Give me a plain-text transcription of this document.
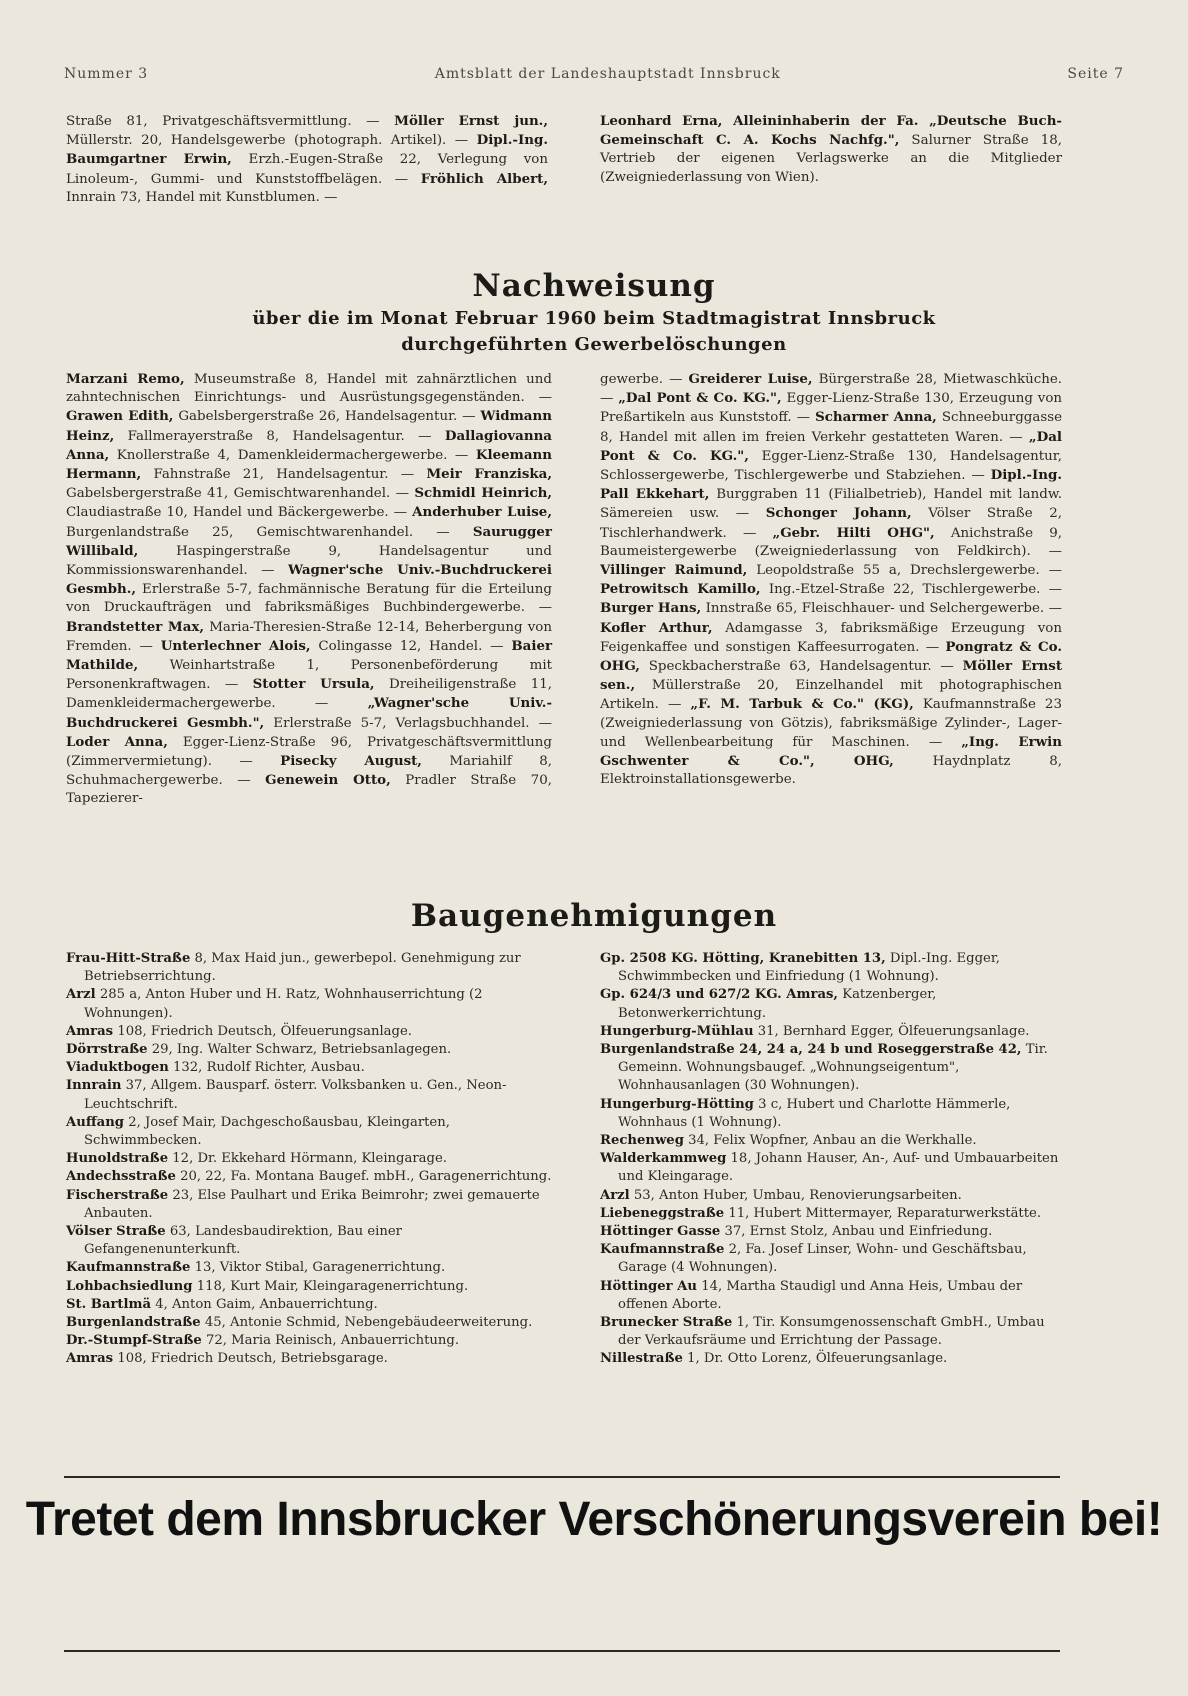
Nummer 3	Amtsblatt der Landeshauptstadt Innsbruck	Seite 7

Straße 81, Privatgeschäftsvermittlung. — Möller Ernst jun., Müllerstr. 20, Handelsgewerbe (photograph. Artikel). — Dipl.-Ing. Baumgartner Erwin, Erzh.-Eugen-Straße 22, Verlegung von Linoleum-, Gummi- und Kunststoffbelägen. — Fröhlich Albert, Innrain 73, Handel mit Kunstblumen. —

Leonhard Erna, Alleininhaberin der Fa. „Deutsche Buch-Gemeinschaft C. A. Kochs Nachfg.", Salurner Straße 18, Vertrieb der eigenen Verlagswerke an die Mitglieder (Zweigniederlassung von Wien).

Nachweisung
über die im Monat Februar 1960 beim Stadtmagistrat Innsbruck
durchgeführten Gewerbelöschungen

Marzani Remo, Museumstraße 8, Handel mit zahnärztlichen und zahntechnischen Einrichtungs- und Ausrüstungsgegenständen. — Grawen Edith, Gabelsbergerstraße 26, Handelsagentur. — Widmann Heinz, Fallmerayerstraße 8, Handelsagentur. — Dallagiovanna Anna, Knollerstraße 4, Damenkleidermachergewerbe. — Kleemann Hermann, Fahnstraße 21, Handelsagentur. — Meir Franziska, Gabelsbergerstraße 41, Gemischtwarenhandel. — Schmidl Heinrich, Claudiastraße 10, Handel und Bäckergewerbe. — Anderhuber Luise, Burgenlandstraße 25, Gemischtwarenhandel. — Saurugger Willibald,	Haspingerstraße 9, Handelsagentur und Kommissionswarenhandel. — Wagner'sche Univ.-Buchdruckerei Gesmbh., Erlerstraße 5-7, fachmännische Beratung für die Erteilung von Druckaufträgen und fabriksmäßiges Buchbindergewerbe. — Brandstetter Max, Maria-Theresien-Straße 12-14, Beherbergung von Fremden. — Unterlechner Alois, Colingasse 12, Handel. — Baier Mathilde, Weinhartstraße 1, Personenbeförderung mit Personenkraftwagen. — Stotter Ursula, Dreiheiligenstraße 11, Damenkleidermachergewerbe. —	„Wagner'sche Univ.-Buchdruckerei Gesmbh.", Erlerstraße 5-7, Verlagsbuchhandel. — Loder Anna, Egger-Lienz-Straße 96, Privatgeschäftsvermittlung (Zimmervermietung). — Pisecky August, Mariahilf 8, Schuhmachergewerbe. — Genewein Otto, Pradler Straße 70, Tapezierer-

gewerbe. — Greiderer Luise, Bürgerstraße 28, Mietwaschküche. — „Dal Pont & Co. KG.", Egger-Lienz-Straße 130, Erzeugung von Preßartikeln aus Kunststoff. — Scharmer Anna, Schneeburggasse 8, Handel mit allen im freien Verkehr gestatteten Waren. — „Dal Pont & Co. KG.", Egger-Lienz-Straße 130, Handelsagentur, Schlossergewerbe, Tischlergewerbe und Stabziehen. — Dipl.-Ing. Pall Ekkehart, Burggraben 11 (Filialbetrieb), Handel mit landw. Sämereien usw. — Schonger Johann, Völser Straße 2, Tischlerhandwerk. — „Gebr. Hilti OHG", Anichstraße 9, Baumeistergewerbe (Zweigniederlassung von Feldkirch). — Villinger Raimund, Leopoldstraße 55 a, Drechslergewerbe. — Petrowitsch Kamillo, Ing.-Etzel-Straße 22, Tischlergewerbe. — Burger Hans, Innstraße 65, Fleischhauer- und Selchergewerbe. — Kofler Arthur, Adamgasse 3, fabriksmäßige Erzeugung von Feigenkaffee und sonstigen Kaffeesurrogaten. — Pongratz & Co. OHG, Speckbacherstraße 63, Handelsagentur. — Möller Ernst sen., Müllerstraße 20, Einzelhandel mit photographischen Artikeln. — „F. M. Tarbuk & Co." (KG), Kaufmannstraße 23 (Zweigniederlassung von Götzis), fabriksmäßige Zylinder-, Lager- und Wellenbearbeitung für Maschinen. — „Ing. Erwin Gschwenter & Co.", OHG,	Haydnplatz 8, Elektroinstallationsgewerbe.

Baugenehmigungen

Frau-Hitt-Straße 8, Max Haid jun., gewerbepol. Genehmigung zur Betriebserrichtung.

Arzl 285 a, Anton Huber und H. Ratz, Wohnhauserrichtung (2 Wohnungen).

Amras 108, Friedrich Deutsch, Ölfeuerungsanlage.

Dörrstraße 29, Ing. Walter Schwarz, Betriebsanlagegen.

Viaduktbogen 132, Rudolf Richter, Ausbau.

Innrain 37, Allgem. Bausparf. österr. Volksbanken u. Gen., Neon-Leuchtschrift.

Auffang 2, Josef Mair, Dachgeschoßausbau, Kleingarten, Schwimmbecken.

Hunoldstraße 12, Dr. Ekkehard Hörmann, Kleingarage.

Andechsstraße 20, 22, Fa. Montana Baugef. mbH., Garagenerrichtung.

Fischerstraße 23, Else Paulhart und Erika Beimrohr; zwei gemauerte Anbauten.

Völser Straße 63, Landesbaudirektion, Bau einer Gefangenenunterkunft.

Kaufmannstraße 13, Viktor Stibal, Garagenerrichtung.

Lohbachsiedlung 118, Kurt Mair, Kleingaragenerrichtung.

St. Bartlmä 4, Anton Gaim, Anbauerrichtung.

Burgenlandstraße 45, Antonie Schmid, Nebengebäudeerweiterung.

Dr.-Stumpf-Straße 72, Maria Reinisch, Anbauerrichtung.

Amras 108, Friedrich Deutsch, Betriebsgarage.

Gp. 2508 KG. Hötting, Kranebitten 13, Dipl.-Ing. Egger, Schwimmbecken und Einfriedung (1 Wohnung).

Gp. 624/3 und 627/2 KG. Amras, Katzenberger, Betonwerkerrichtung.

Hungerburg-Mühlau 31, Bernhard Egger, Ölfeuerungsanlage.

Burgenlandstraße 24, 24 a, 24 b und Roseggerstraße 42, Tir. Gemeinn. Wohnungsbaugef. „Wohnungseigentum", Wohnhausanlagen (30 Wohnungen).

Hungerburg-Hötting 3 c, Hubert und Charlotte Hämmerle, Wohnhaus (1 Wohnung).

Rechenweg 34, Felix Wopfner, Anbau an die Werkhalle.

Walderkammweg 18, Johann Hauser, An-, Auf- und Umbauarbeiten und Kleingarage.

Arzl 53, Anton Huber, Umbau, Renovierungsarbeiten.

Liebeneggstraße 11, Hubert Mittermayer, Reparaturwerkstätte.

Höttinger Gasse 37, Ernst Stolz, Anbau und Einfriedung.

Kaufmannstraße 2, Fa. Josef Linser, Wohn- und Geschäftsbau, Garage (4 Wohnungen).

Höttinger Au 14, Martha Staudigl und Anna Heis, Umbau der offenen Aborte.

Brunecker Straße 1, Tir. Konsumgenossenschaft GmbH., Umbau der Verkaufsräume und Errichtung der Passage.

Nillestraße 1, Dr. Otto Lorenz, Ölfeuerungsanlage.

Tretet dem Innsbrucker Verschönerungsverein bei!
